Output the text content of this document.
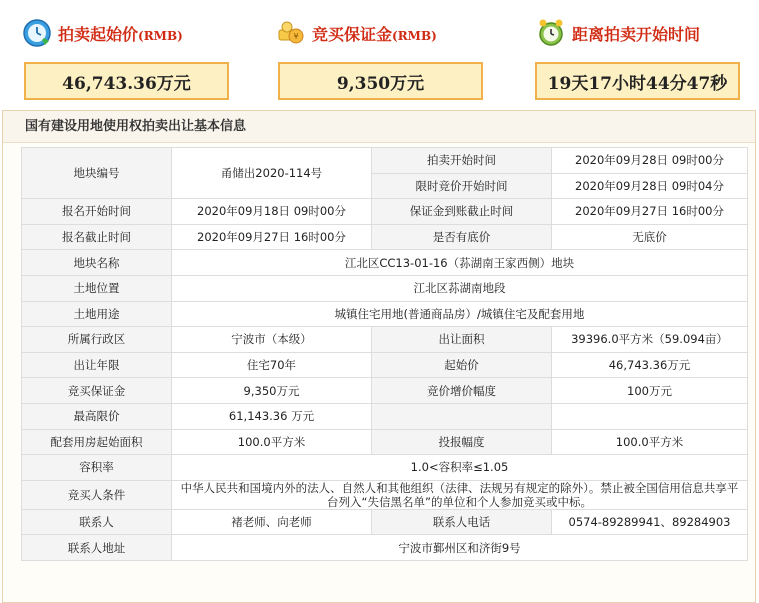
拍卖起始价(RMB)
46,743.36万元
¥ 竞买保证金(RMB)
9,350万元
距离拍卖开始时间
19天17小时44分47秒
国有建设用地使用权拍卖出让基本信息
地块编号	甬储出2020-114号	拍卖开始时间	2020年09月28日 09时00分
		限时竞价开始时间	2020年09月28日 09时04分
报名开始时间	2020年09月18日 09时00分	保证金到账截止时间	2020年09月27日 16时00分
报名截止时间	2020年09月27日 16时00分	是否有底价	无底价
地块名称	江北区CC13-01-16（荪湖南王家西侧）地块		
土地位置	江北区荪湖南地段		
土地用途	城镇住宅用地(普通商品房）/城镇住宅及配套用地		
所属行政区	宁波市（本级）	出让面积	39396.0平方米（59.094亩）
出让年限	住宅70年	起始价	46,743.36万元
竞买保证金	9,350万元	竞价增价幅度	100万元
最高限价	61,143.36 万元		
配套用房起始面积	100.0平方米	投报幅度	100.0平方米
容积率	1.0<容积率≤1.05		
竞买人条件	中华人民共和国境内外的法人、自然人和其他组织（法律、法规另有规定的除外）。禁止被全国信用信息共享平台列入“失信黑名单”的单位和个人参加竞买或中标。		
联系人	褚老师、向老师	联系人电话	0574-89289941、89284903
联系人地址	宁波市鄞州区和济街9号		
